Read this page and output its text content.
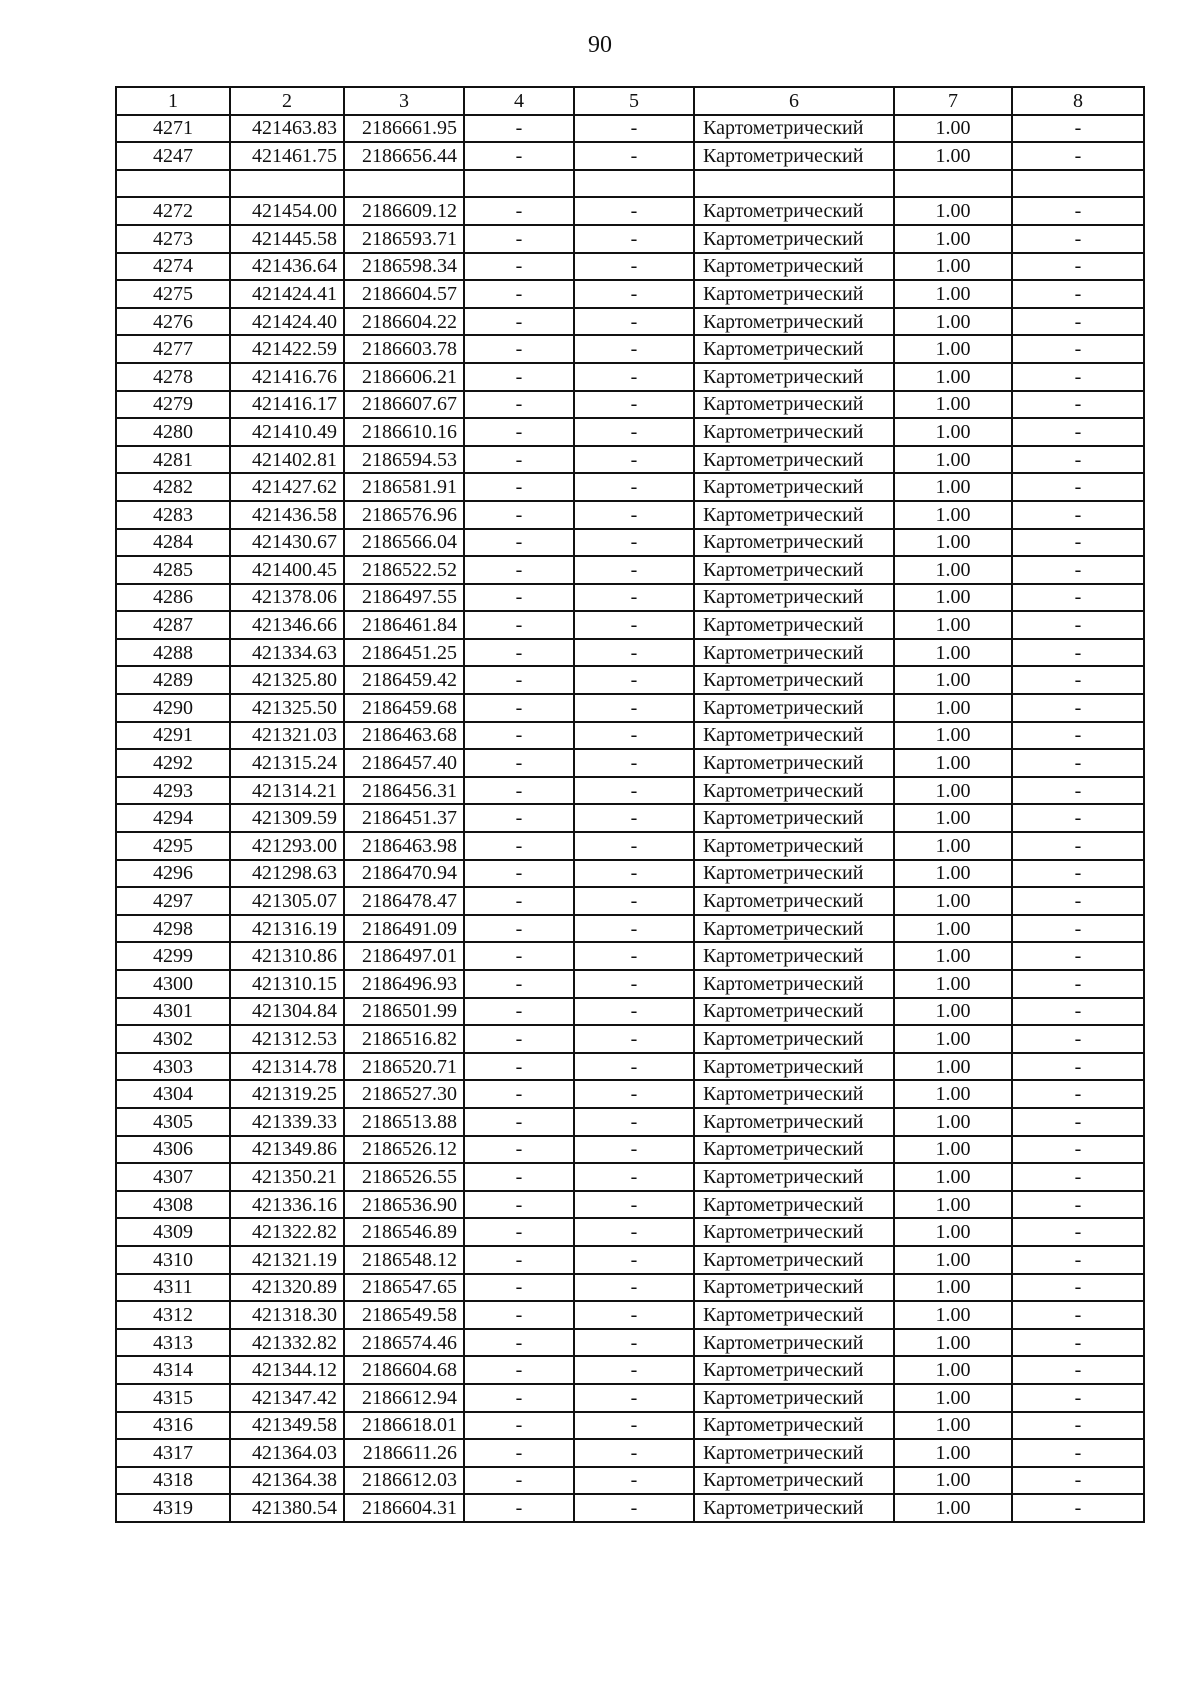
90
1	2	3	4	5	6	7	8
4271	421463.83	2186661.95	-	-	Картометрический	1.00	-
4247	421461.75	2186656.44	-	-	Картометрический	1.00	-

4272	421454.00	2186609.12	-	-	Картометрический	1.00	-
4273	421445.58	2186593.71	-	-	Картометрический	1.00	-
4274	421436.64	2186598.34	-	-	Картометрический	1.00	-
4275	421424.41	2186604.57	-	-	Картометрический	1.00	-
4276	421424.40	2186604.22	-	-	Картометрический	1.00	-
4277	421422.59	2186603.78	-	-	Картометрический	1.00	-
4278	421416.76	2186606.21	-	-	Картометрический	1.00	-
4279	421416.17	2186607.67	-	-	Картометрический	1.00	-
4280	421410.49	2186610.16	-	-	Картометрический	1.00	-
4281	421402.81	2186594.53	-	-	Картометрический	1.00	-
4282	421427.62	2186581.91	-	-	Картометрический	1.00	-
4283	421436.58	2186576.96	-	-	Картометрический	1.00	-
4284	421430.67	2186566.04	-	-	Картометрический	1.00	-
4285	421400.45	2186522.52	-	-	Картометрический	1.00	-
4286	421378.06	2186497.55	-	-	Картометрический	1.00	-
4287	421346.66	2186461.84	-	-	Картометрический	1.00	-
4288	421334.63	2186451.25	-	-	Картометрический	1.00	-
4289	421325.80	2186459.42	-	-	Картометрический	1.00	-
4290	421325.50	2186459.68	-	-	Картометрический	1.00	-
4291	421321.03	2186463.68	-	-	Картометрический	1.00	-
4292	421315.24	2186457.40	-	-	Картометрический	1.00	-
4293	421314.21	2186456.31	-	-	Картометрический	1.00	-
4294	421309.59	2186451.37	-	-	Картометрический	1.00	-
4295	421293.00	2186463.98	-	-	Картометрический	1.00	-
4296	421298.63	2186470.94	-	-	Картометрический	1.00	-
4297	421305.07	2186478.47	-	-	Картометрический	1.00	-
4298	421316.19	2186491.09	-	-	Картометрический	1.00	-
4299	421310.86	2186497.01	-	-	Картометрический	1.00	-
4300	421310.15	2186496.93	-	-	Картометрический	1.00	-
4301	421304.84	2186501.99	-	-	Картометрический	1.00	-
4302	421312.53	2186516.82	-	-	Картометрический	1.00	-
4303	421314.78	2186520.71	-	-	Картометрический	1.00	-
4304	421319.25	2186527.30	-	-	Картометрический	1.00	-
4305	421339.33	2186513.88	-	-	Картометрический	1.00	-
4306	421349.86	2186526.12	-	-	Картометрический	1.00	-
4307	421350.21	2186526.55	-	-	Картометрический	1.00	-
4308	421336.16	2186536.90	-	-	Картометрический	1.00	-
4309	421322.82	2186546.89	-	-	Картометрический	1.00	-
4310	421321.19	2186548.12	-	-	Картометрический	1.00	-
4311	421320.89	2186547.65	-	-	Картометрический	1.00	-
4312	421318.30	2186549.58	-	-	Картометрический	1.00	-
4313	421332.82	2186574.46	-	-	Картометрический	1.00	-
4314	421344.12	2186604.68	-	-	Картометрический	1.00	-
4315	421347.42	2186612.94	-	-	Картометрический	1.00	-
4316	421349.58	2186618.01	-	-	Картометрический	1.00	-
4317	421364.03	2186611.26	-	-	Картометрический	1.00	-
4318	421364.38	2186612.03	-	-	Картометрический	1.00	-
4319	421380.54	2186604.31	-	-	Картометрический	1.00	-
